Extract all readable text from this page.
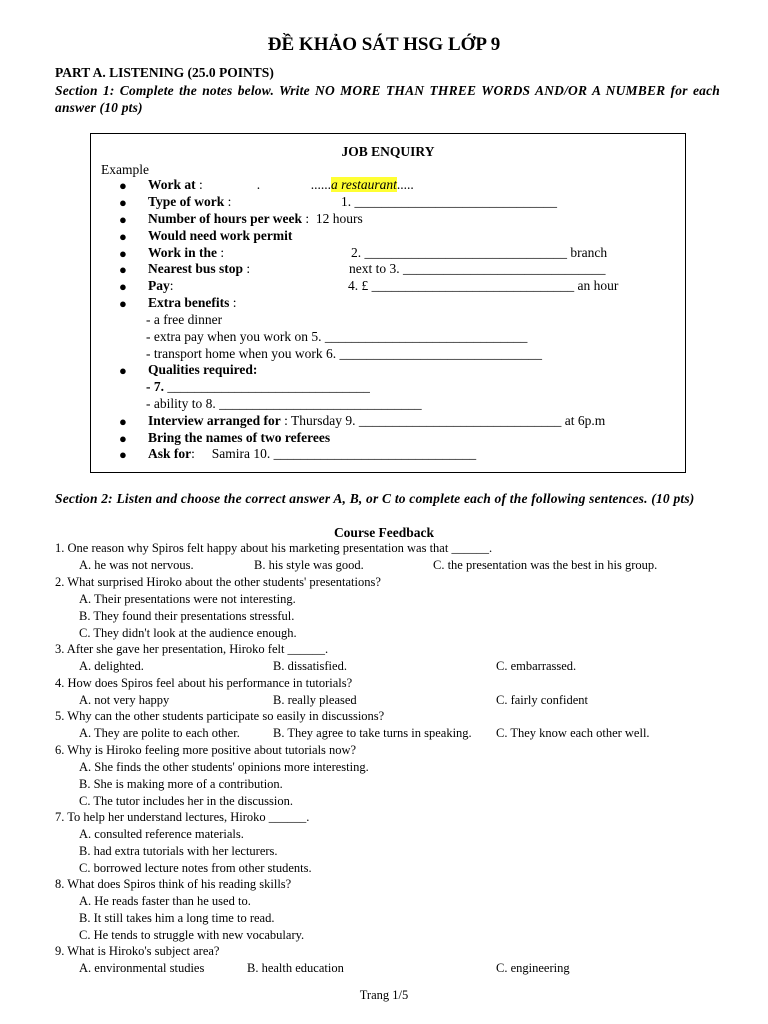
ĐỀ KHẢO SÁT HSG LỚP 9
PART A. LISTENING (25.0 POINTS)
Section 1: Complete the notes below. Write NO MORE THAN THREE WORDS AND/OR A NUMBER for each answer (10 pts)
JOB ENQUIRY
Example
● Work at :                .               ......a restaurant.....
● Type of work :	1. ______________________________
● Number of hours per week :  12 hours
● Would need work permit
● Work in the :	2. ______________________________ branch
● Nearest bus stop :	next to 3. ______________________________
● Pay:	4. £ ______________________________ an hour
● Extra benefits :
- a free dinner
- extra pay when you work on 5. ______________________________
- transport home when you work 6. ______________________________
● Qualities required:
- 7. ______________________________
- ability to 8. ______________________________
● Interview arranged for : Thursday 9. ______________________________ at 6p.m
● Bring the names of two referees
● Ask for:     Samira 10. ______________________________
Section 2: Listen and choose the correct answer A, B, or C to complete each of the following sentences. (10 pts)
Course Feedback
1. One reason why Spiros felt happy about his marketing presentation was that ______.
A. he was not nervous.	B. his style was good.	C. the presentation was the best in his group.
2. What surprised Hiroko about the other students' presentations?
A. Their presentations were not interesting.
B. They found their presentations stressful.
C. They didn't look at the audience enough.
3. After she gave her presentation, Hiroko felt ______.
A. delighted.	B. dissatisfied.	C. embarrassed.
4. How does Spiros feel about his performance in tutorials?
A. not very happy	B. really pleased	C. fairly confident
5. Why can the other students participate so easily in discussions?
A. They are polite to each other.	B. They agree to take turns in speaking. C. They know each other well.
6. Why is Hiroko feeling more positive about tutorials now?
A. She finds the other students' opinions more interesting.
B. She is making more of a contribution.
C. The tutor includes her in the discussion.
7. To help her understand lectures, Hiroko ______.
A. consulted reference materials.
B. had extra tutorials with her lecturers.
C. borrowed lecture notes from other students.
8. What does Spiros think of his reading skills?
A. He reads faster than he used to.
B. It still takes him a long time to read.
C. He tends to struggle with new vocabulary.
9. What is Hiroko's subject area?
A. environmental studies	B. health education	C. engineering
Trang 1/5
